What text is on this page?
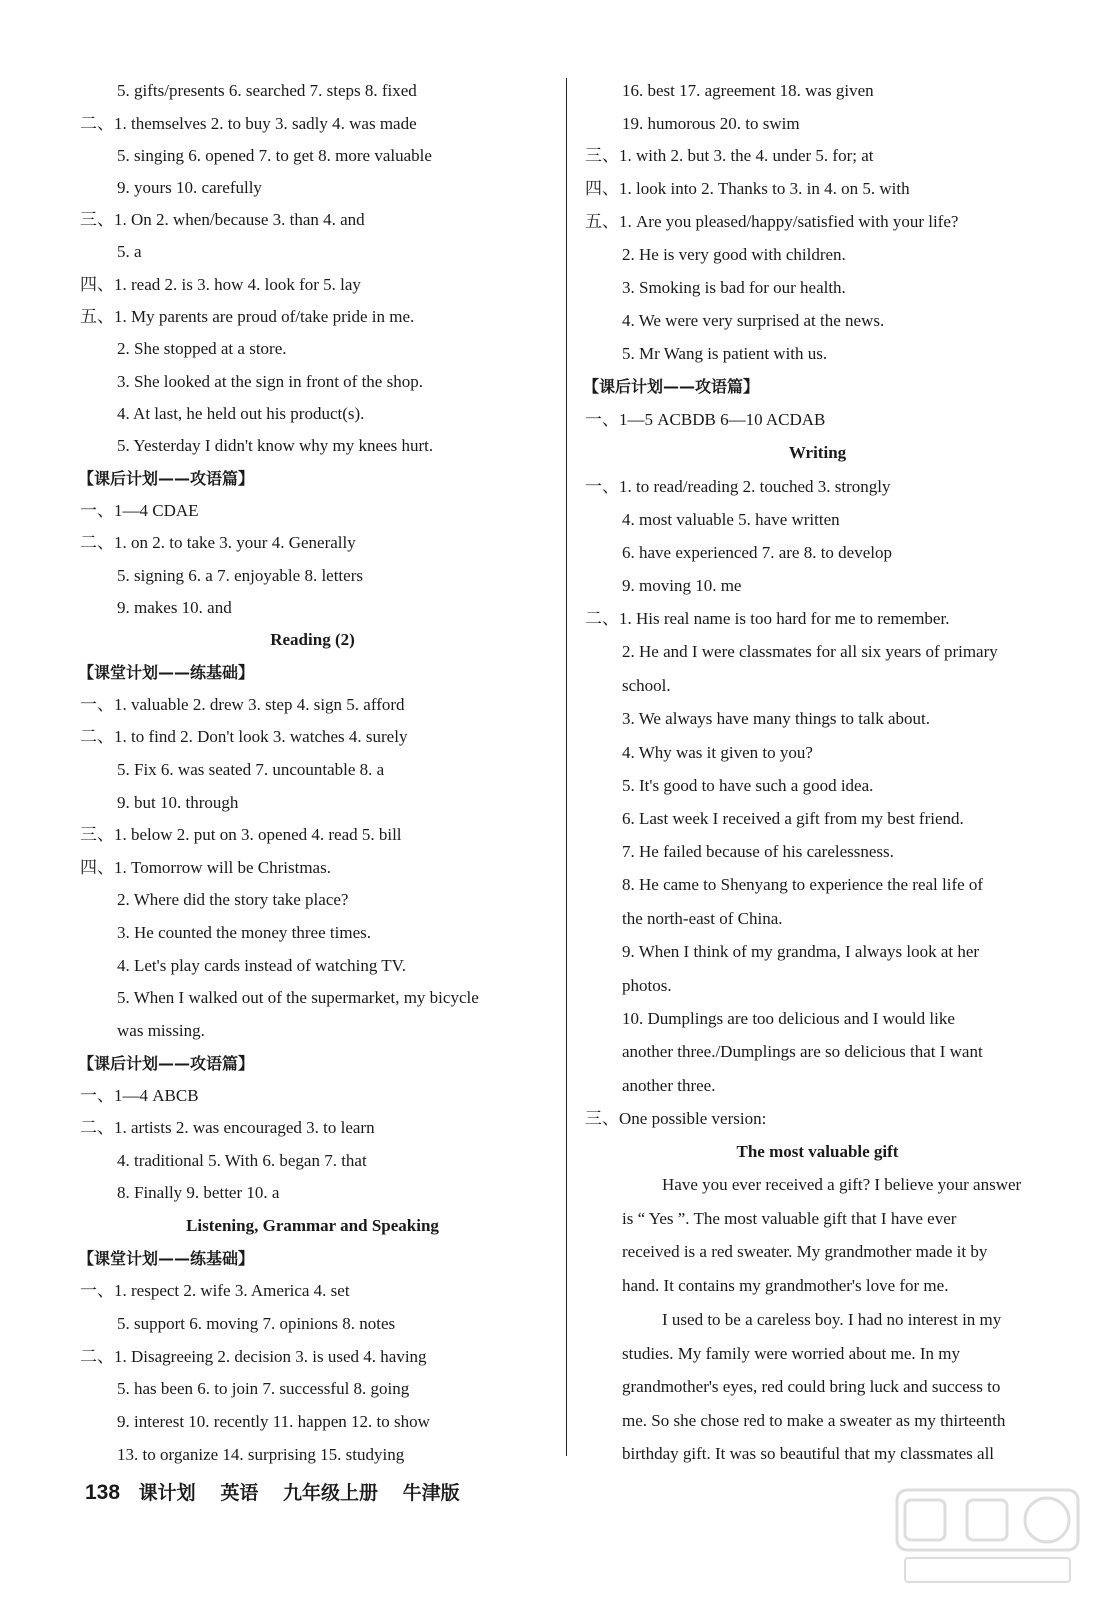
5. gifts/presents 6. searched 7. steps 8. fixed
二、1. themselves 2. to buy 3. sadly 4. was made
5. singing 6. opened 7. to get 8. more valuable
9. yours 10. carefully
三、1. On 2. when/because 3. than 4. and
5. a
四、1. read 2. is 3. how 4. look for 5. lay
五、1. My parents are proud of/take pride in me.
2. She stopped at a store.
3. She looked at the sign in front of the shop.
4. At last, he held out his product(s).
5. Yesterday I didn't know why my knees hurt.
【课后计划——攻语篇】
一、1—4 CDAE
二、1. on 2. to take 3. your 4. Generally
5. signing 6. a 7. enjoyable 8. letters
9. makes 10. and
Reading (2)
【课堂计划——练基础】
一、1. valuable 2. drew 3. step 4. sign 5. afford
二、1. to find 2. Don't look 3. watches 4. surely
5. Fix 6. was seated 7. uncountable 8. a
9. but 10. through
三、1. below 2. put on 3. opened 4. read 5. bill
四、1. Tomorrow will be Christmas.
2. Where did the story take place?
3. He counted the money three times.
4. Let's play cards instead of watching TV.
5. When I walked out of the supermarket, my bicycle
was missing.
【课后计划——攻语篇】
一、1—4 ABCB
二、1. artists 2. was encouraged 3. to learn
4. traditional 5. With 6. began 7. that
8. Finally 9. better 10. a
Listening, Grammar and Speaking
【课堂计划——练基础】
一、1. respect 2. wife 3. America 4. set
5. support 6. moving 7. opinions 8. notes
二、1. Disagreeing 2. decision 3. is used 4. having
5. has been 6. to join 7. successful 8. going
9. interest 10. recently 11. happen 12. to show
13. to organize 14. surprising 15. studying
16. best 17. agreement 18. was given
19. humorous 20. to swim
三、1. with 2. but 3. the 4. under 5. for; at
四、1. look into 2. Thanks to 3. in 4. on 5. with
五、1. Are you pleased/happy/satisfied with your life?
2. He is very good with children.
3. Smoking is bad for our health.
4. We were very surprised at the news.
5. Mr Wang is patient with us.
【课后计划——攻语篇】
一、1—5 ACBDB 6—10 ACDAB
Writing
一、1. to read/reading 2. touched 3. strongly
4. most valuable 5. have written
6. have experienced 7. are 8. to develop
9. moving 10. me
二、1. His real name is too hard for me to remember.
2. He and I were classmates for all six years of primary
school.
3. We always have many things to talk about.
4. Why was it given to you?
5. It's good to have such a good idea.
6. Last week I received a gift from my best friend.
7. He failed because of his carelessness.
8. He came to Shenyang to experience the real life of
the north-east of China.
9. When I think of my grandma, I always look at her
photos.
10. Dumplings are too delicious and I would like
another three./Dumplings are so delicious that I want
another three.
三、One possible version:
The most valuable gift
Have you ever received a gift? I believe your answer
is “ Yes ”. The most valuable gift that I have ever
received is a red sweater. My grandmother made it by
hand. It contains my grandmother's love for me.
I used to be a careless boy. I had no interest in my
studies. My family were worried about me. In my
grandmother's eyes, red could bring luck and success to
me. So she chose red to make a sweater as my thirteenth
birthday gift. It was so beautiful that my classmates all
138 课计划 英语 九年级上册 牛津版
